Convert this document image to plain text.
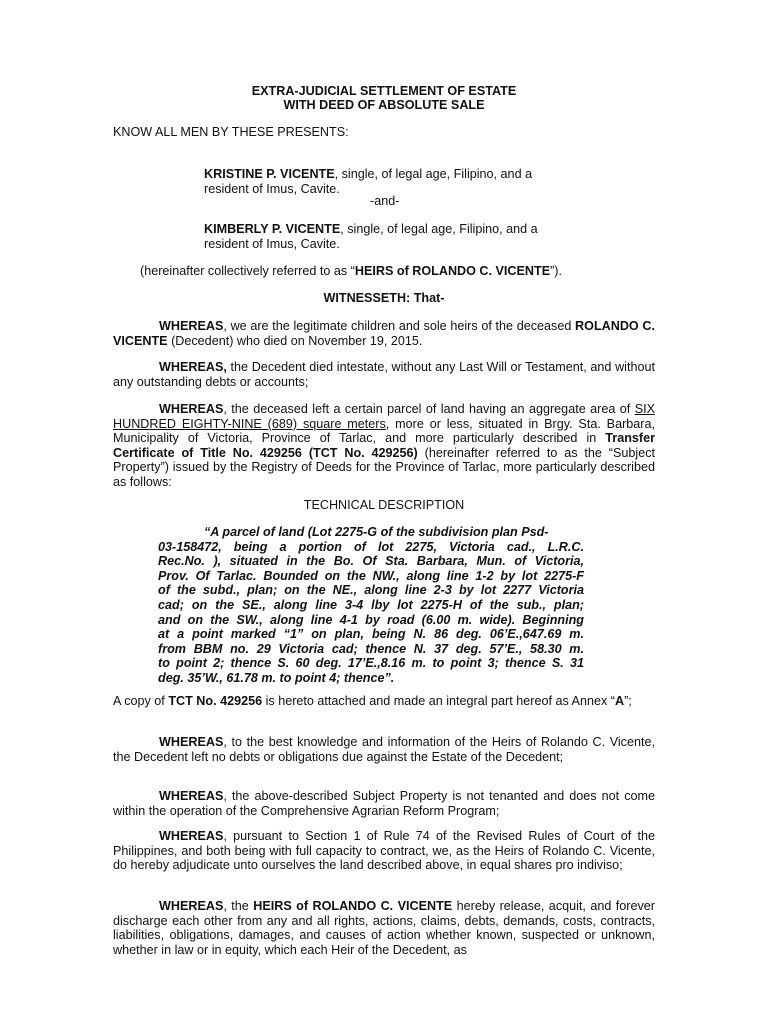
EXTRA-JUDICIAL SETTLEMENT OF ESTATE
WITH DEED OF ABSOLUTE SALE
KNOW ALL MEN BY THESE PRESENTS:
KRISTINE P. VICENTE, single, of legal age, Filipino, and a
resident of Imus, Cavite.
-and-
KIMBERLY P. VICENTE, single, of legal age, Filipino, and a
resident of Imus, Cavite.
(hereinafter collectively referred to as “HEIRS of ROLANDO C. VICENTE”).
WITNESSETH: That-

WHEREAS, we are the legitimate children and sole heirs of the deceased ROLANDO C. VICENTE (Decedent) who died on November 19, 2015.

WHEREAS, the Decedent died intestate, without any Last Will or Testament, and without any outstanding debts or accounts;

WHEREAS, the deceased left a certain parcel of land having an aggregate area of SIX HUNDRED EIGHTY-NINE (689) square meters, more or less, situated in Brgy. Sta. Barbara, Municipality of Victoria, Province of Tarlac, and more particularly described in Transfer Certificate of Title No. 429256 (TCT No. 429256) (hereinafter referred to as the “Subject Property”) issued by the Registry of Deeds for the Province of Tarlac, more particularly described as follows:

TECHNICAL DESCRIPTION
“A parcel of land (Lot 2275-G of the subdivision plan Psd-
03-158472, being a portion of lot 2275, Victoria cad., L.R.C.
Rec.No. ), situated in the Bo. Of Sta. Barbara, Mun. of Victoria,
Prov. Of Tarlac. Bounded on the NW., along line 1-2 by lot 2275-F
of the subd., plan; on the NE., along line 2-3 by lot 2277 Victoria
cad; on the SE., along line 3-4 lby lot 2275-H of the sub., plan;
and on the SW., along line 4-1 by road (6.00 m. wide). Beginning
at a point marked “1” on plan, being N. 86 deg. 06’E.,647.69 m.
from BBM no. 29 Victoria cad; thence N. 37 deg. 57’E., 58.30 m.
to point 2; thence S. 60 deg. 17’E.,8.16 m. to point 3; thence S. 31
deg. 35’W., 61.78 m. to point 4; thence”.

A copy of TCT No. 429256 is hereto attached and made an integral part hereof as Annex “A”;

WHEREAS, to the best knowledge and information of the Heirs of Rolando C. Vicente, the Decedent left no debts or obligations due against the Estate of the Decedent;

WHEREAS, the above-described Subject Property is not tenanted and does not come within the operation of the Comprehensive Agrarian Reform Program;

WHEREAS, pursuant to Section 1 of Rule 74 of the Revised Rules of Court of the Philippines, and both being with full capacity to contract, we, as the Heirs of Rolando C. Vicente, do hereby adjudicate unto ourselves the land described above, in equal shares pro indiviso;

WHEREAS, the HEIRS of ROLANDO C. VICENTE hereby release, acquit, and forever discharge each other from any and all rights, actions, claims, debts, demands, costs, contracts, liabilities, obligations, damages, and causes of action whether known, suspected or unknown, whether in law or in equity, which each Heir of the Decedent, as
